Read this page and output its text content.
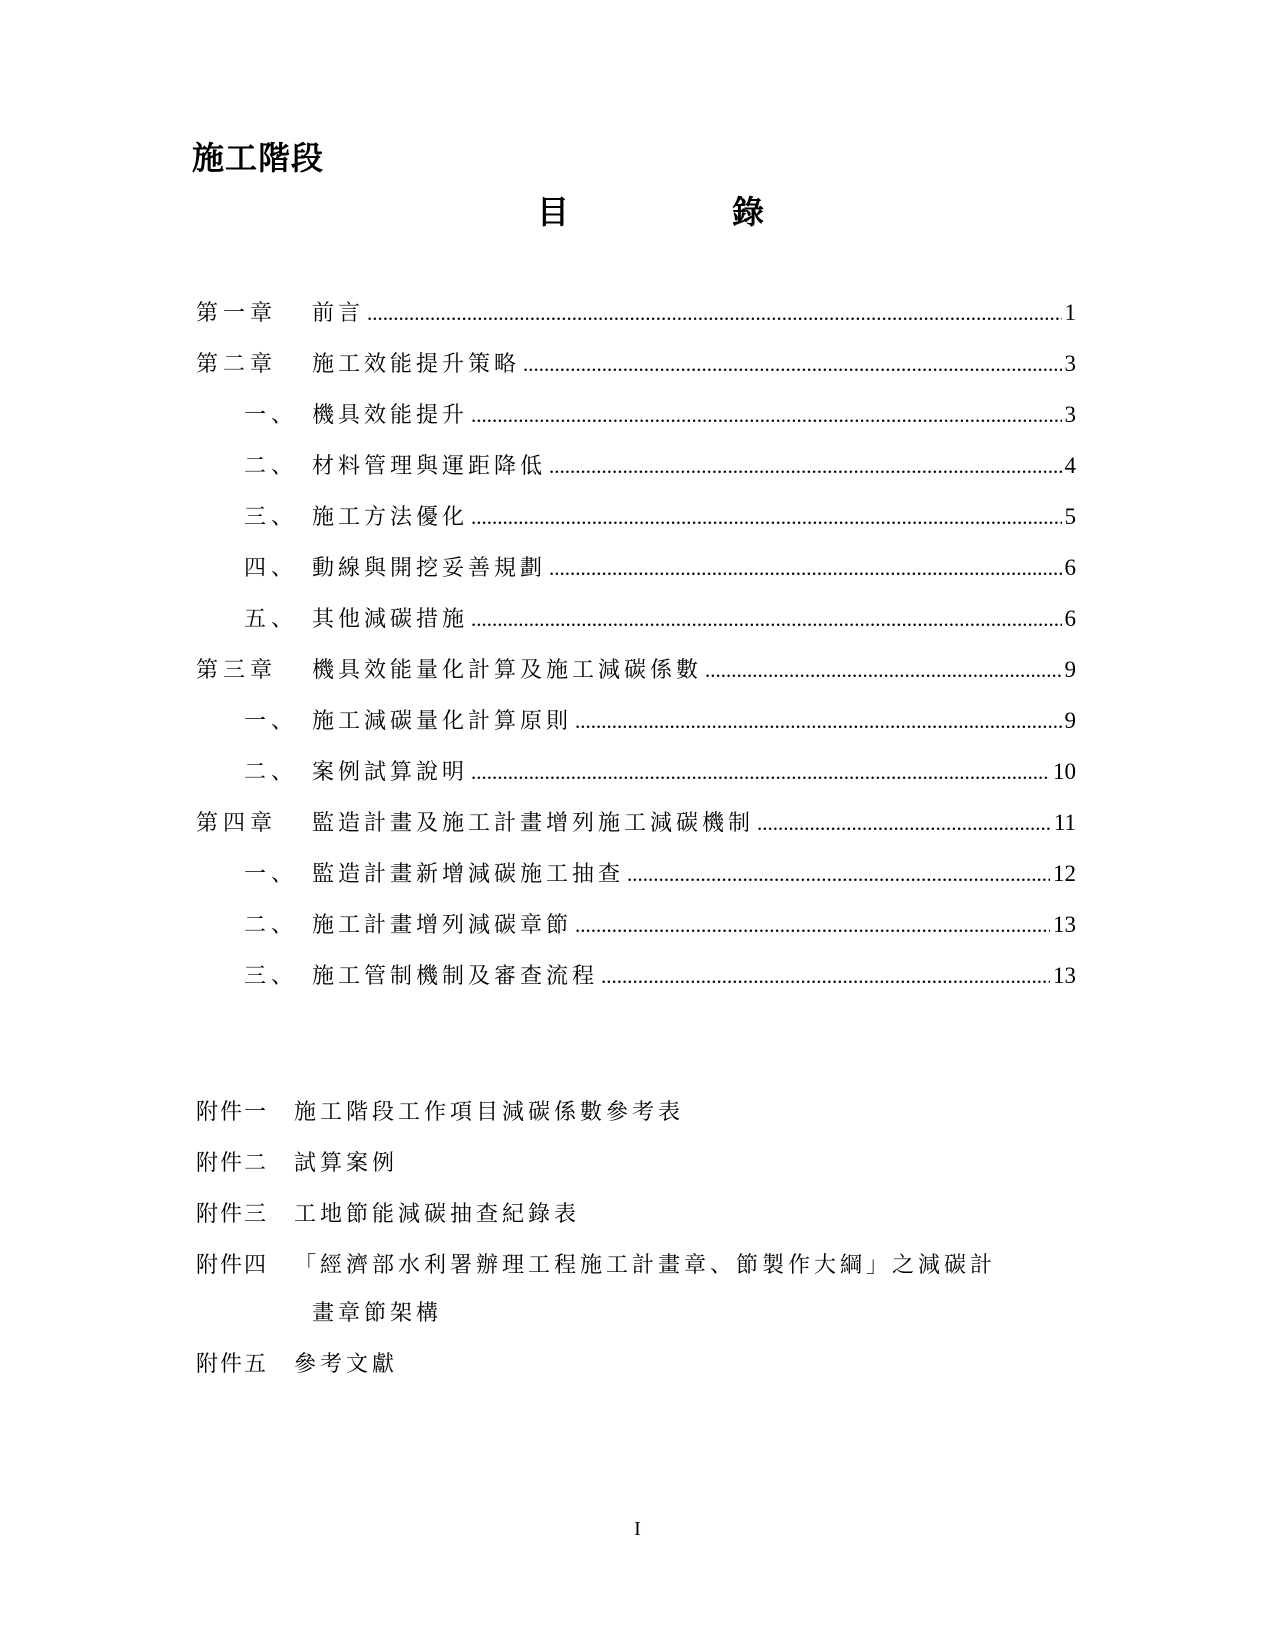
施工階段
目	錄
第一章	前言 .....	1
第二章	施工效能提升策略 .....	3
一、 機具效能提升 .....	3
二、 材料管理與運距降低 .....	4
三、 施工方法優化 .....	5
四、 動線與開挖妥善規劃 .....	6
五、 其他減碳措施 .....	6
第三章	機具效能量化計算及施工減碳係數 .....	9
一、 施工減碳量化計算原則 .....	9
二、 案例試算說明 .....	10
第四章	監造計畫及施工計畫增列施工減碳機制 .....	11
一、 監造計畫新增減碳施工抽查 .....	12
二、 施工計畫增列減碳章節 .....	13
三、 施工管制機制及審查流程 .....	13
附件一	施工階段工作項目減碳係數參考表
附件二	試算案例
附件三	工地節能減碳抽查紀錄表
附件四	「經濟部水利署辦理工程施工計畫章、節製作大綱」之減碳計
畫章節架構
附件五	參考文獻
I
